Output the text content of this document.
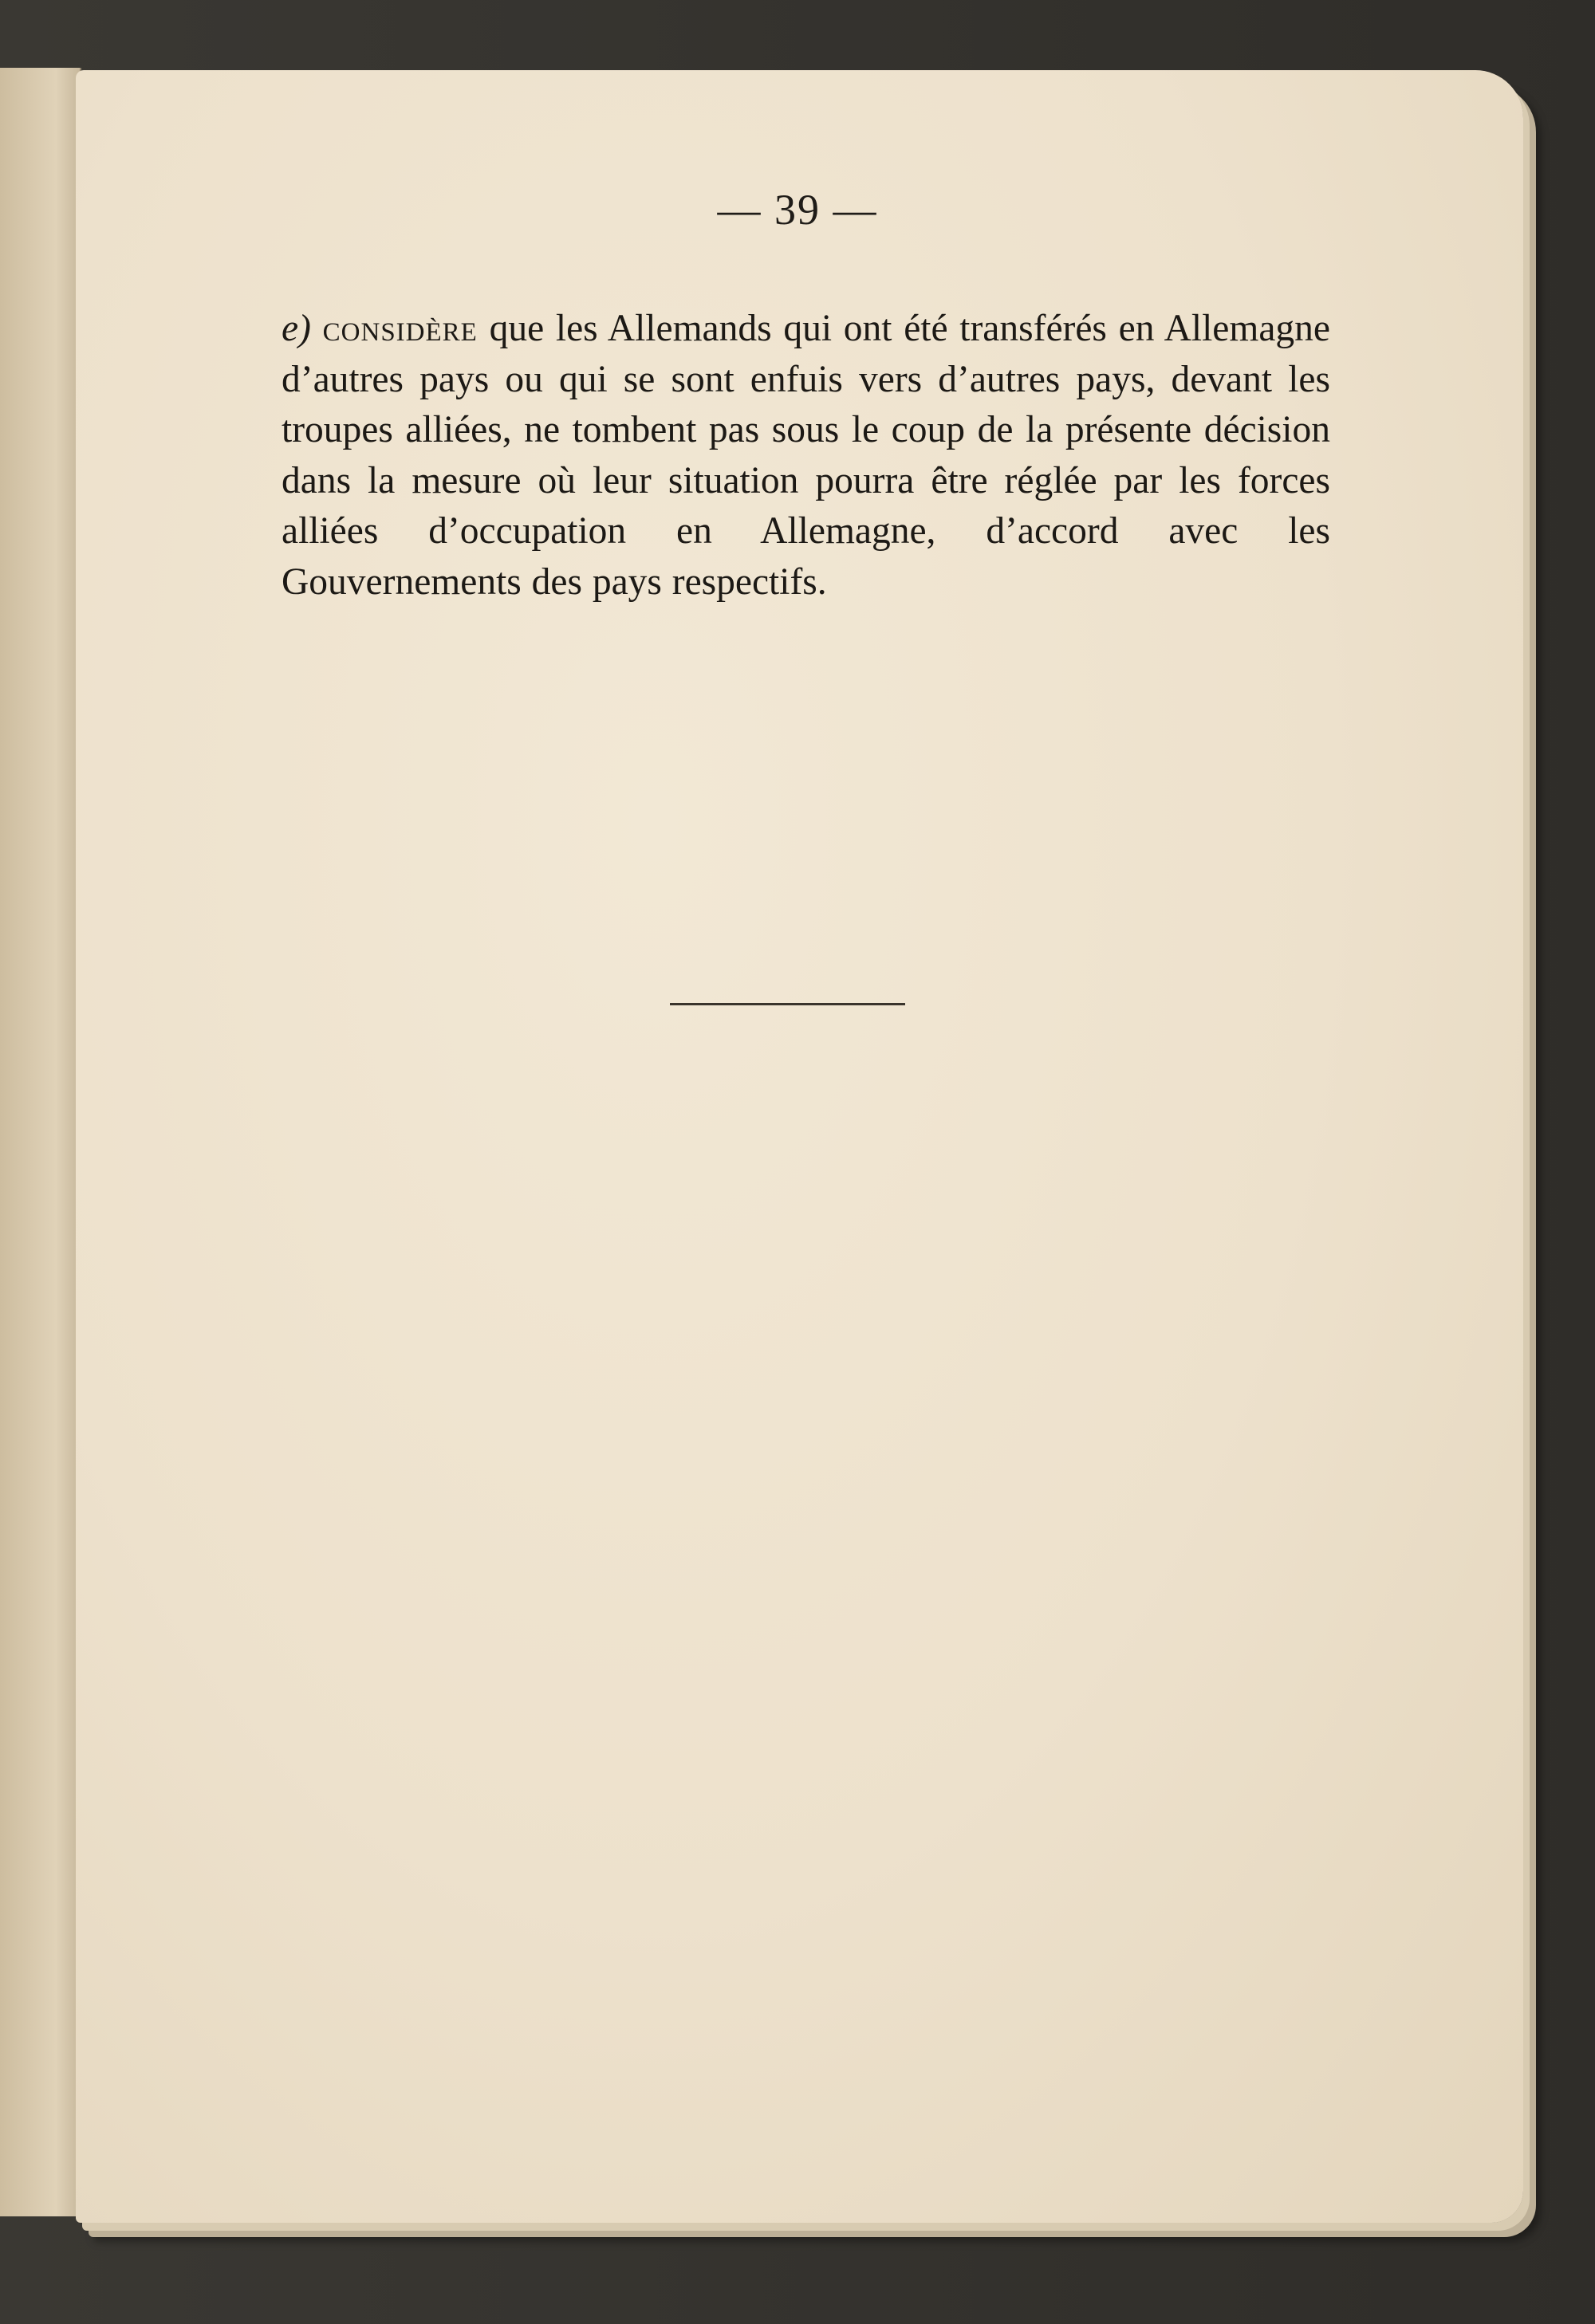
— 39 —

e) considère que les Allemands qui ont été transférés en Allemagne d’autres pays ou qui se sont enfuis vers d’autres pays, devant les troupes alliées, ne tombent pas sous le coup de la présente décision dans la mesure où leur situation pourra être réglée par les forces alliées d’occupation en Allemagne, d’accord avec les Gouvernements des pays respectifs.
